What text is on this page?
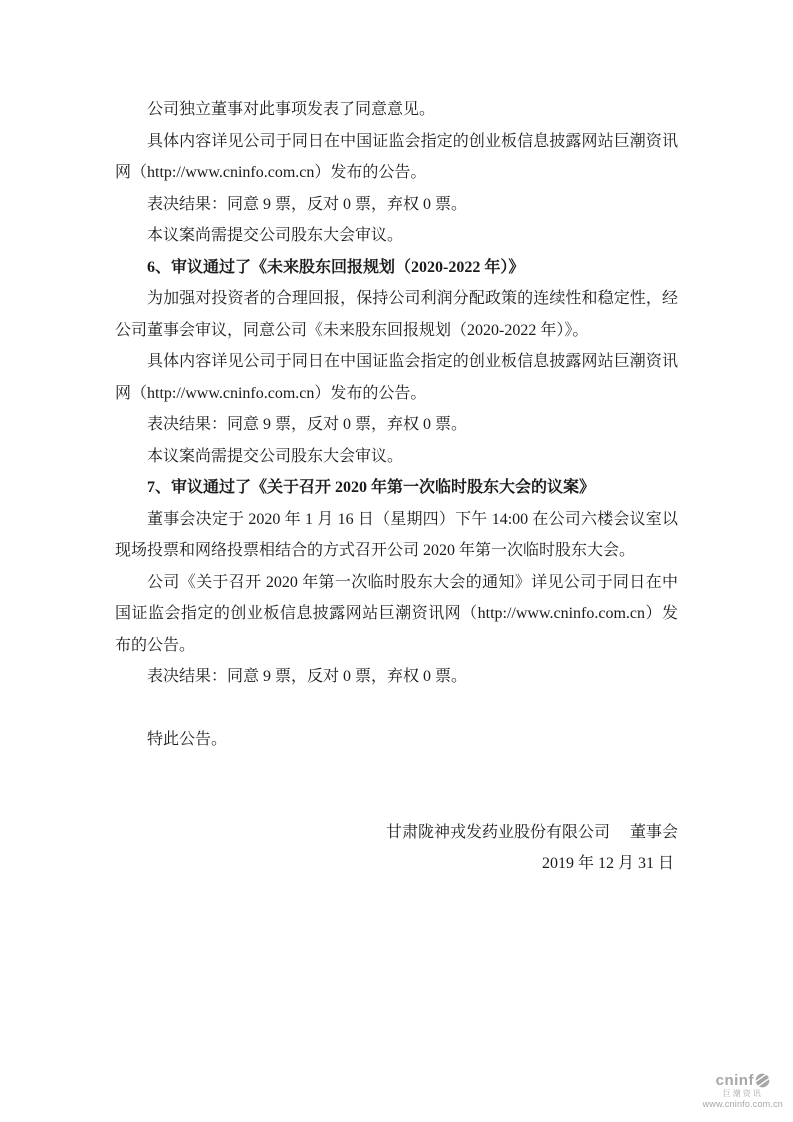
公司独立董事对此事项发表了同意意见。

具体内容详见公司于同日在中国证监会指定的创业板信息披露网站巨潮资讯网（http://www.cninfo.com.cn）发布的公告。

表决结果：同意 9 票，反对 0 票，弃权 0 票。

本议案尚需提交公司股东大会审议。

6、审议通过了《未来股东回报规划（2020-2022 年）》

为加强对投资者的合理回报，保持公司利润分配政策的连续性和稳定性，经公司董事会审议，同意公司《未来股东回报规划（2020-2022 年）》。

具体内容详见公司于同日在中国证监会指定的创业板信息披露网站巨潮资讯网（http://www.cninfo.com.cn）发布的公告。

表决结果：同意 9 票，反对 0 票，弃权 0 票。

本议案尚需提交公司股东大会审议。

7、审议通过了《关于召开 2020 年第一次临时股东大会的议案》

董事会决定于 2020 年 1 月 16 日（星期四）下午 14:00 在公司六楼会议室以现场投票和网络投票相结合的方式召开公司 2020 年第一次临时股东大会。

公司《关于召开 2020 年第一次临时股东大会的通知》详见公司于同日在中国证监会指定的创业板信息披露网站巨潮资讯网（http://www.cninfo.com.cn）发布的公告。

表决结果：同意 9 票，反对 0 票，弃权 0 票。

特此公告。

甘肃陇神戎发药业股份有限公司　 董事会
2019 年 12 月 31 日
cninf
巨潮资讯
www.cninfo.com.cn
